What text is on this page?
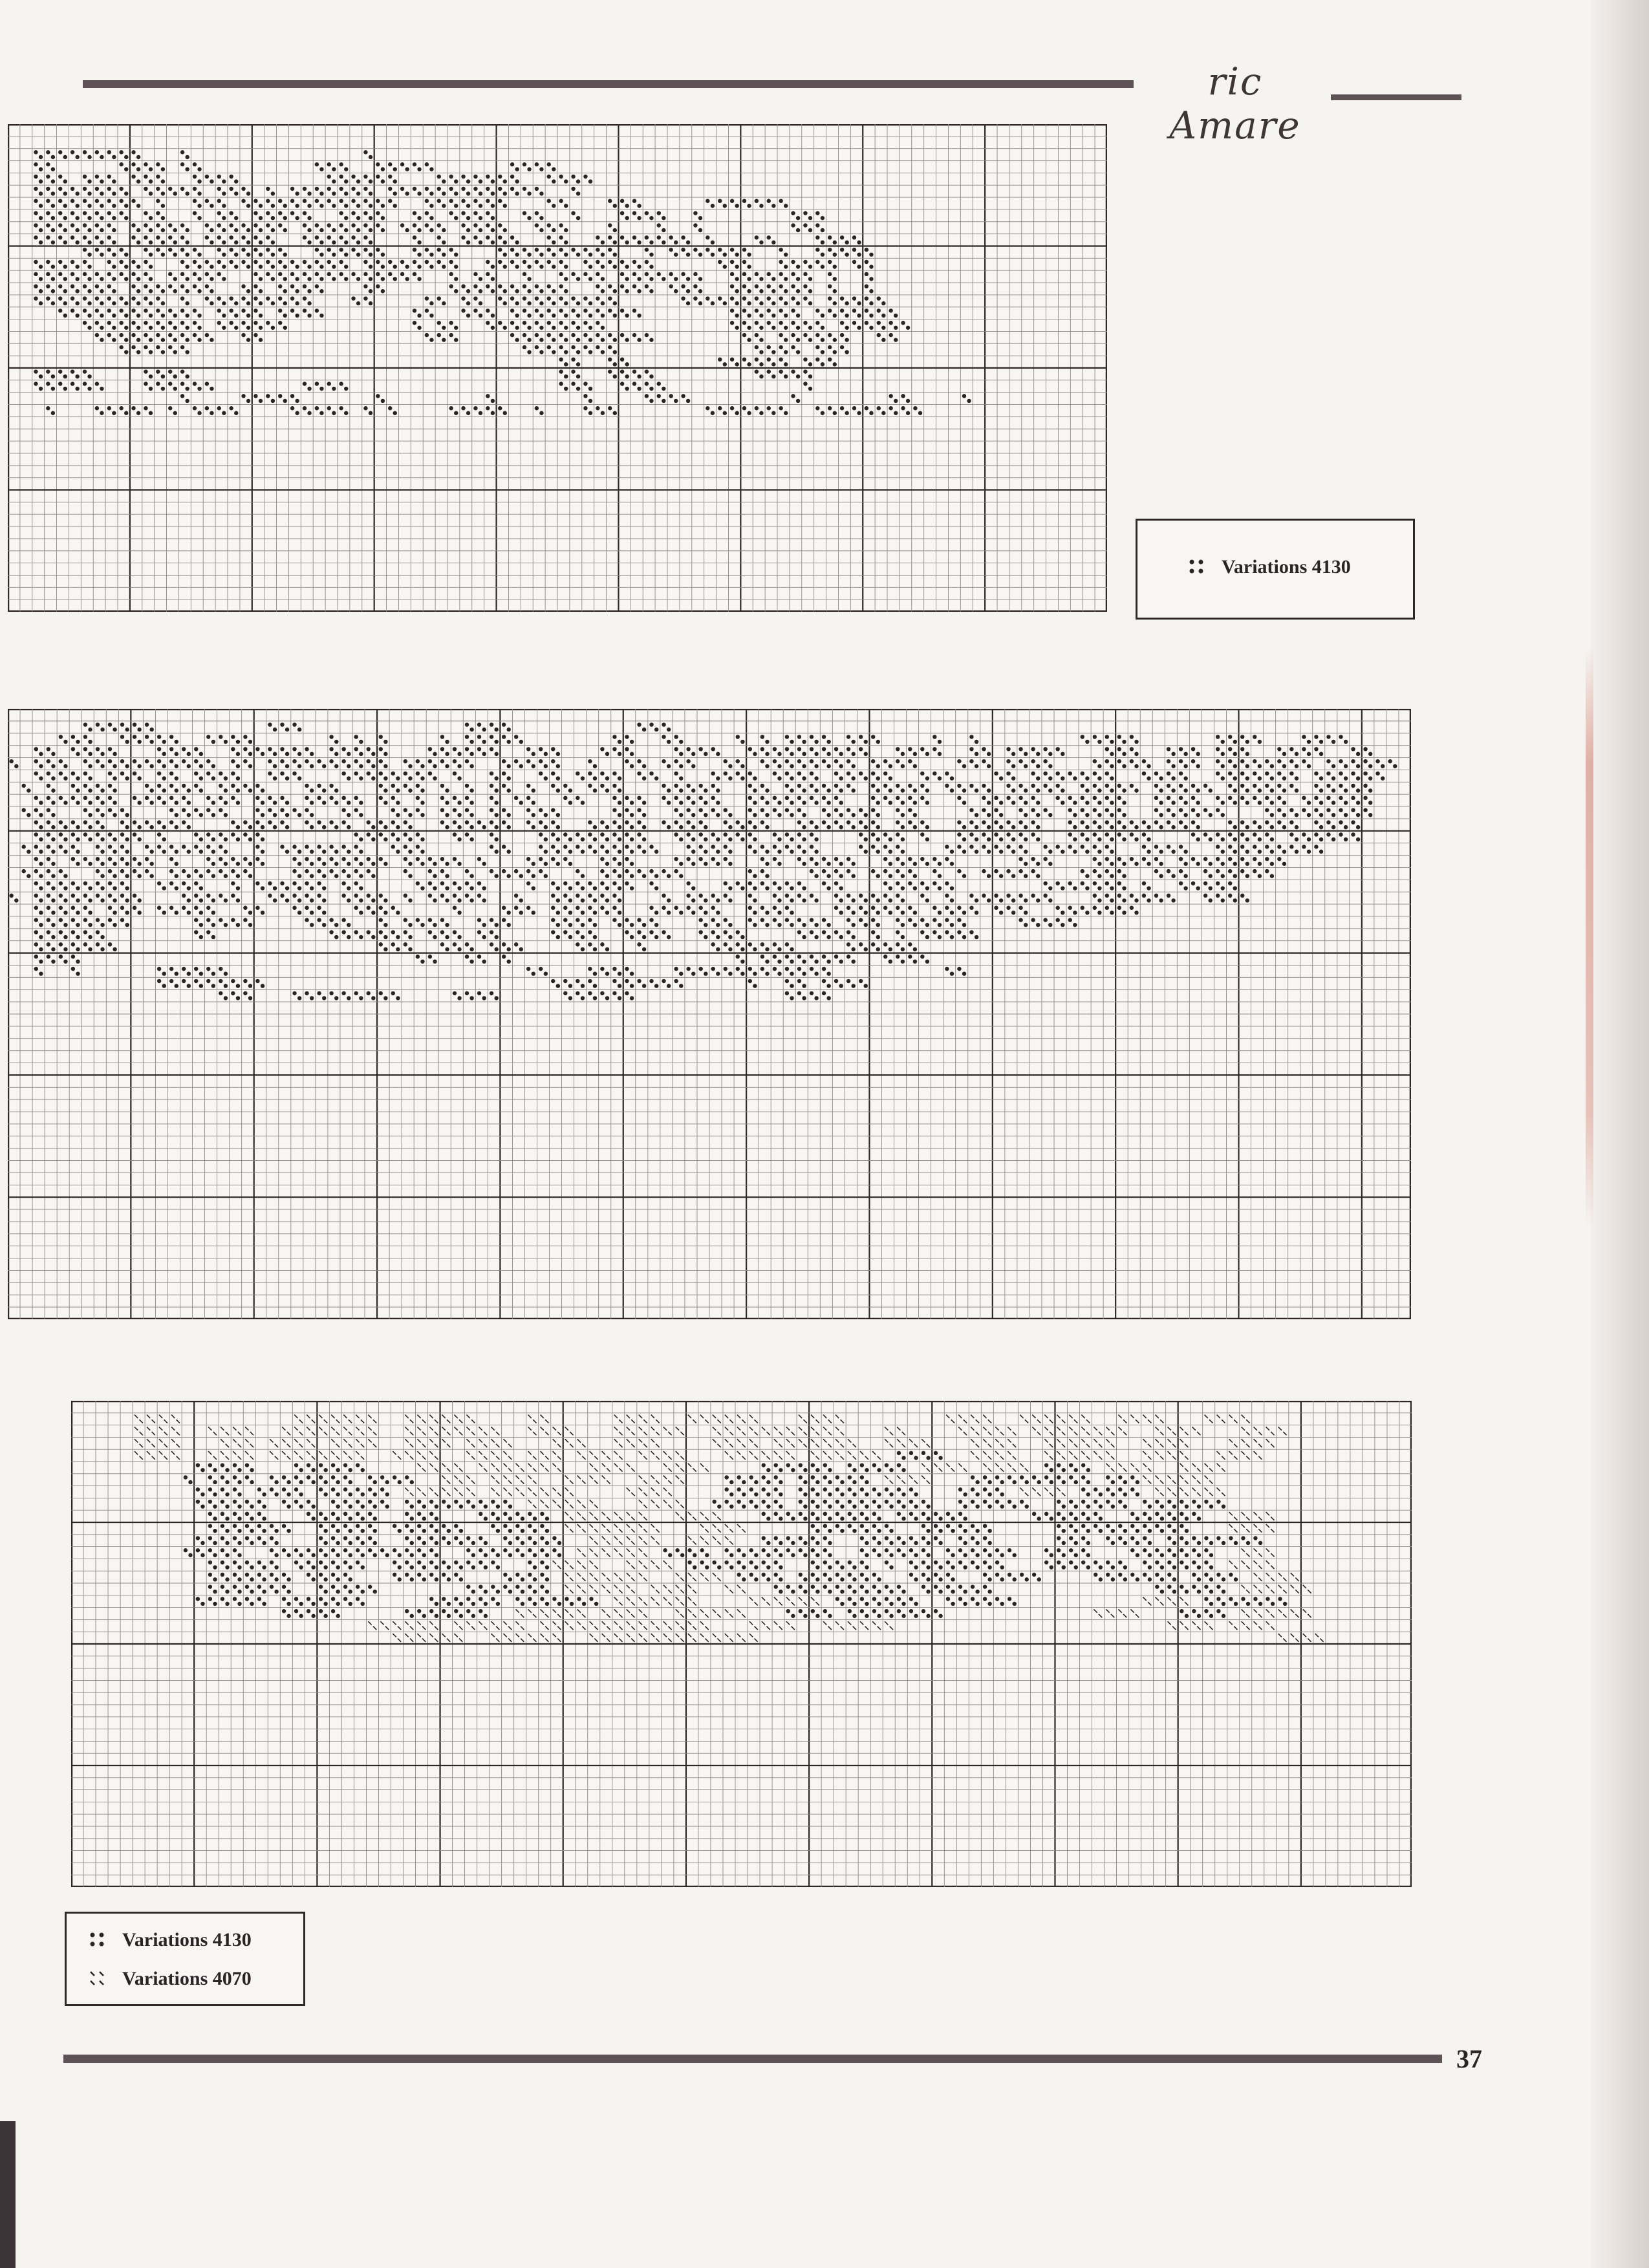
ric Amare
Variations 4130
Variations 4130
Variations 4070
37
